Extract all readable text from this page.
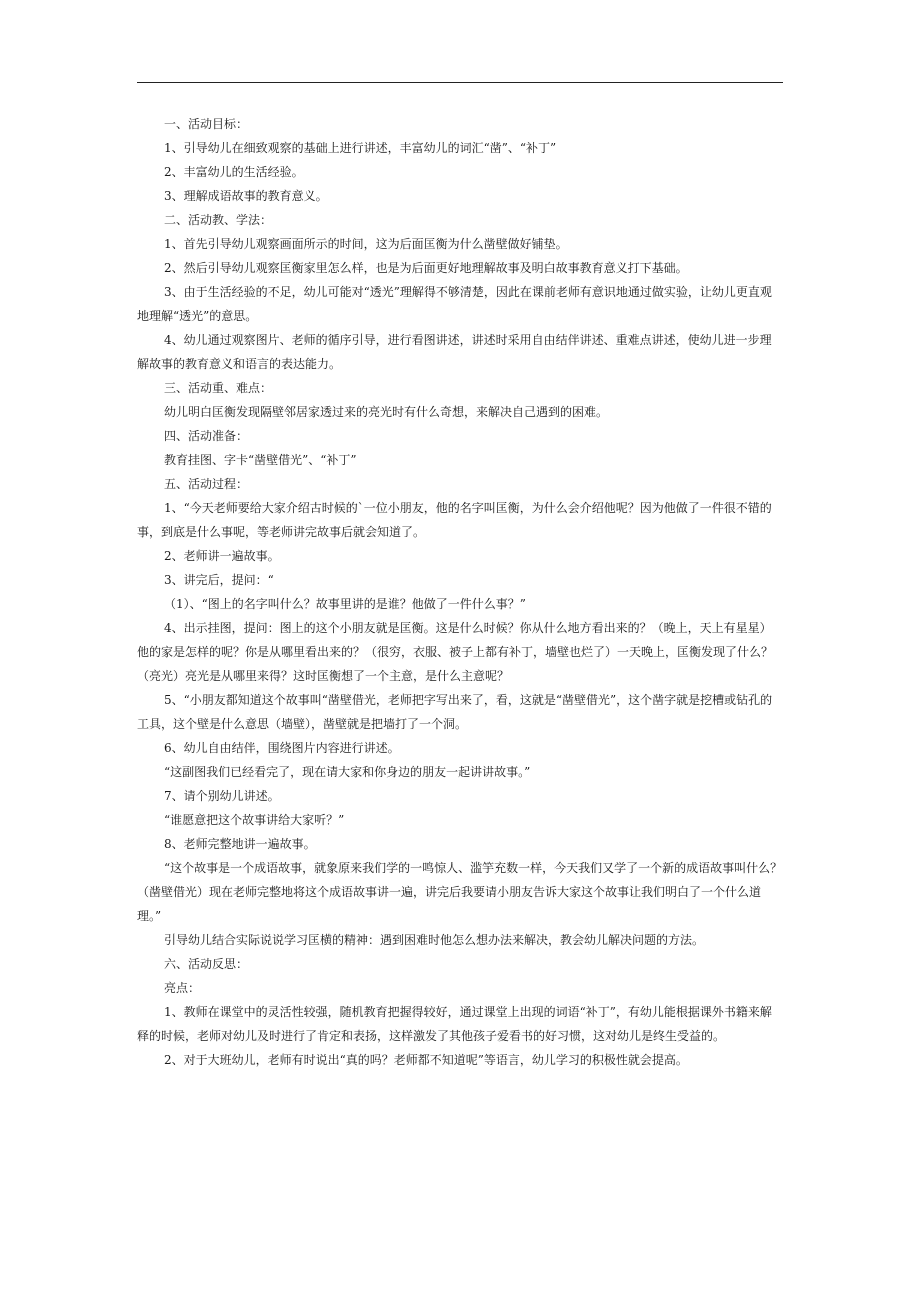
一、活动目标：

1、引导幼儿在细致观察的基础上进行讲述，丰富幼儿的词汇“凿”、“补丁”

2、丰富幼儿的生活经验。

3、理解成语故事的教育意义。

二、活动教、学法：

1、首先引导幼儿观察画面所示的时间，这为后面匡衡为什么凿壁做好铺垫。

2、然后引导幼儿观察匡衡家里怎么样，也是为后面更好地理解故事及明白故事教育意义打下基础。

3、由于生活经验的不足，幼儿可能对“透光”理解得不够清楚，因此在课前老师有意识地通过做实验，让幼儿更直观地理解“透光”的意思。

4、幼儿通过观察图片、老师的循序引导，进行看图讲述，讲述时采用自由结伴讲述、重难点讲述，使幼儿进一步理解故事的教育意义和语言的表达能力。

三、活动重、难点：

幼儿明白匡衡发现隔壁邻居家透过来的亮光时有什么奇想，来解决自己遇到的困难。

四、活动准备：

教育挂图、字卡“凿壁借光”、“补丁”

五、活动过程：

1、“今天老师要给大家介绍古时候的`一位小朋友，他的名字叫匡衡，为什么会介绍他呢？因为他做了一件很不错的事，到底是什么事呢，等老师讲完故事后就会知道了。

2、老师讲一遍故事。

3、讲完后，提问：“

（1）、“图上的名字叫什么？故事里讲的是谁？他做了一件什么事？”

4、出示挂图，提问：图上的这个小朋友就是匡衡。这是什么时候？你从什么地方看出来的？（晚上，天上有星星）他的家是怎样的呢？你是从哪里看出来的？（很穷，衣服、被子上都有补丁，墙壁也烂了）一天晚上，匡衡发现了什么？（亮光）亮光是从哪里来得？这时匡衡想了一个主意，是什么主意呢？

5、“小朋友都知道这个故事叫“凿壁借光，老师把字写出来了，看，这就是“凿壁借光”，这个凿字就是挖槽或钻孔的工具，这个壁是什么意思（墙壁），凿壁就是把墙打了一个洞。

6、幼儿自由结伴，围绕图片内容进行讲述。

“这副图我们已经看完了，现在请大家和你身边的朋友一起讲讲故事。”

7、请个别幼儿讲述。

“谁愿意把这个故事讲给大家听？”

8、老师完整地讲一遍故事。

“这个故事是一个成语故事，就象原来我们学的一鸣惊人、滥竽充数一样，今天我们又学了一个新的成语故事叫什么？（凿壁借光）现在老师完整地将这个成语故事讲一遍，讲完后我要请小朋友告诉大家这个故事让我们明白了一个什么道理。”

引导幼儿结合实际说说学习匡横的精神：遇到困难时他怎么想办法来解决，教会幼儿解决问题的方法。

六、活动反思：

亮点：

1、教师在课堂中的灵活性较强，随机教育把握得较好，通过课堂上出现的词语“补丁”，有幼儿能根据课外书籍来解释的时候，老师对幼儿及时进行了肯定和表扬，这样激发了其他孩子爱看书的好习惯，这对幼儿是终生受益的。

2、对于大班幼儿，老师有时说出“真的吗？老师都不知道呢”等语言，幼儿学习的积极性就会提高。
